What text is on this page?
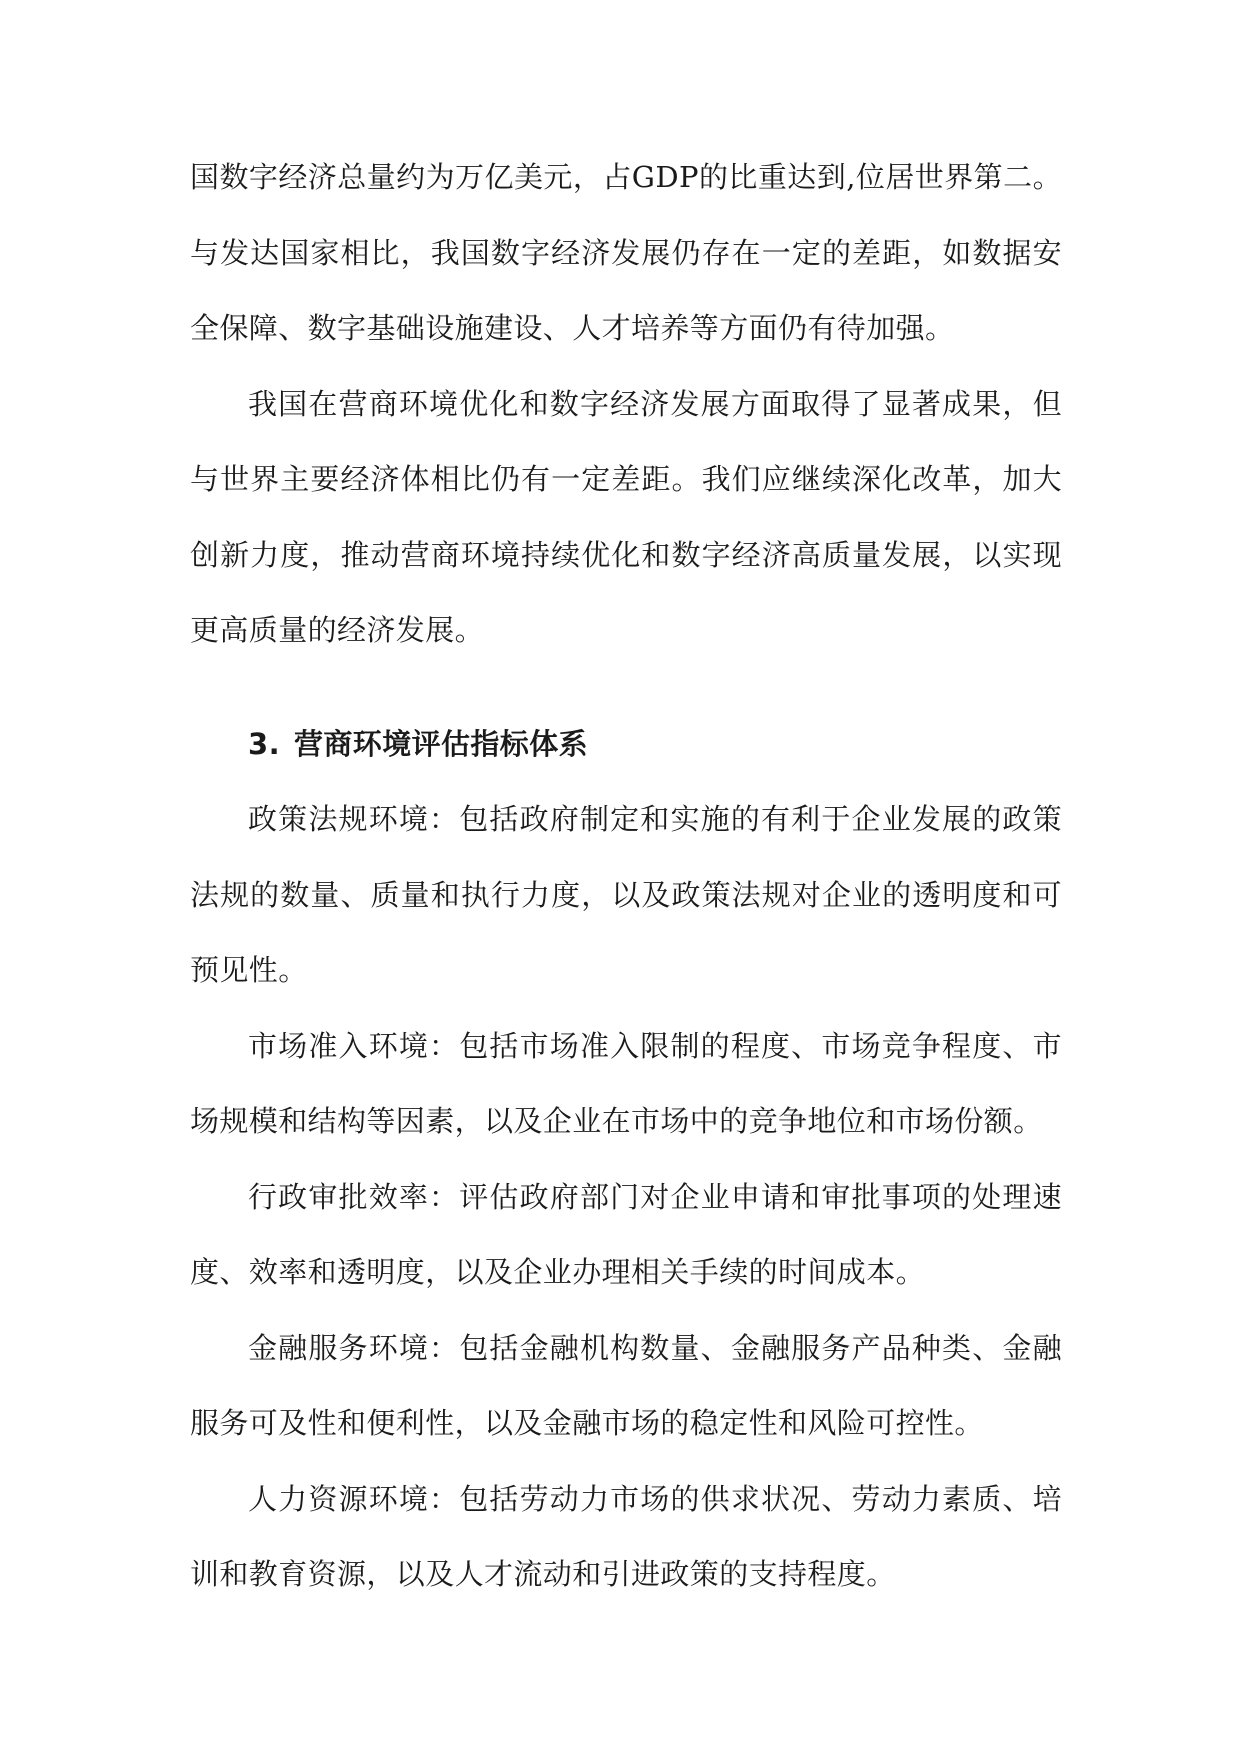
国数字经济总量约为万亿美元，占GDP的比重达到,位居世界第二。与发达国家相比，我国数字经济发展仍存在一定的差距，如数据安全保障、数字基础设施建设、人才培养等方面仍有待加强。

我国在营商环境优化和数字经济发展方面取得了显著成果，但与世界主要经济体相比仍有一定差距。我们应继续深化改革，加大创新力度，推动营商环境持续优化和数字经济高质量发展，以实现更高质量的经济发展。

3. 营商环境评估指标体系

政策法规环境：包括政府制定和实施的有利于企业发展的政策法规的数量、质量和执行力度，以及政策法规对企业的透明度和可预见性。

市场准入环境：包括市场准入限制的程度、市场竞争程度、市场规模和结构等因素，以及企业在市场中的竞争地位和市场份额。

行政审批效率：评估政府部门对企业申请和审批事项的处理速度、效率和透明度，以及企业办理相关手续的时间成本。

金融服务环境：包括金融机构数量、金融服务产品种类、金融服务可及性和便利性，以及金融市场的稳定性和风险可控性。

人力资源环境：包括劳动力市场的供求状况、劳动力素质、培训和教育资源，以及人才流动和引进政策的支持程度。
